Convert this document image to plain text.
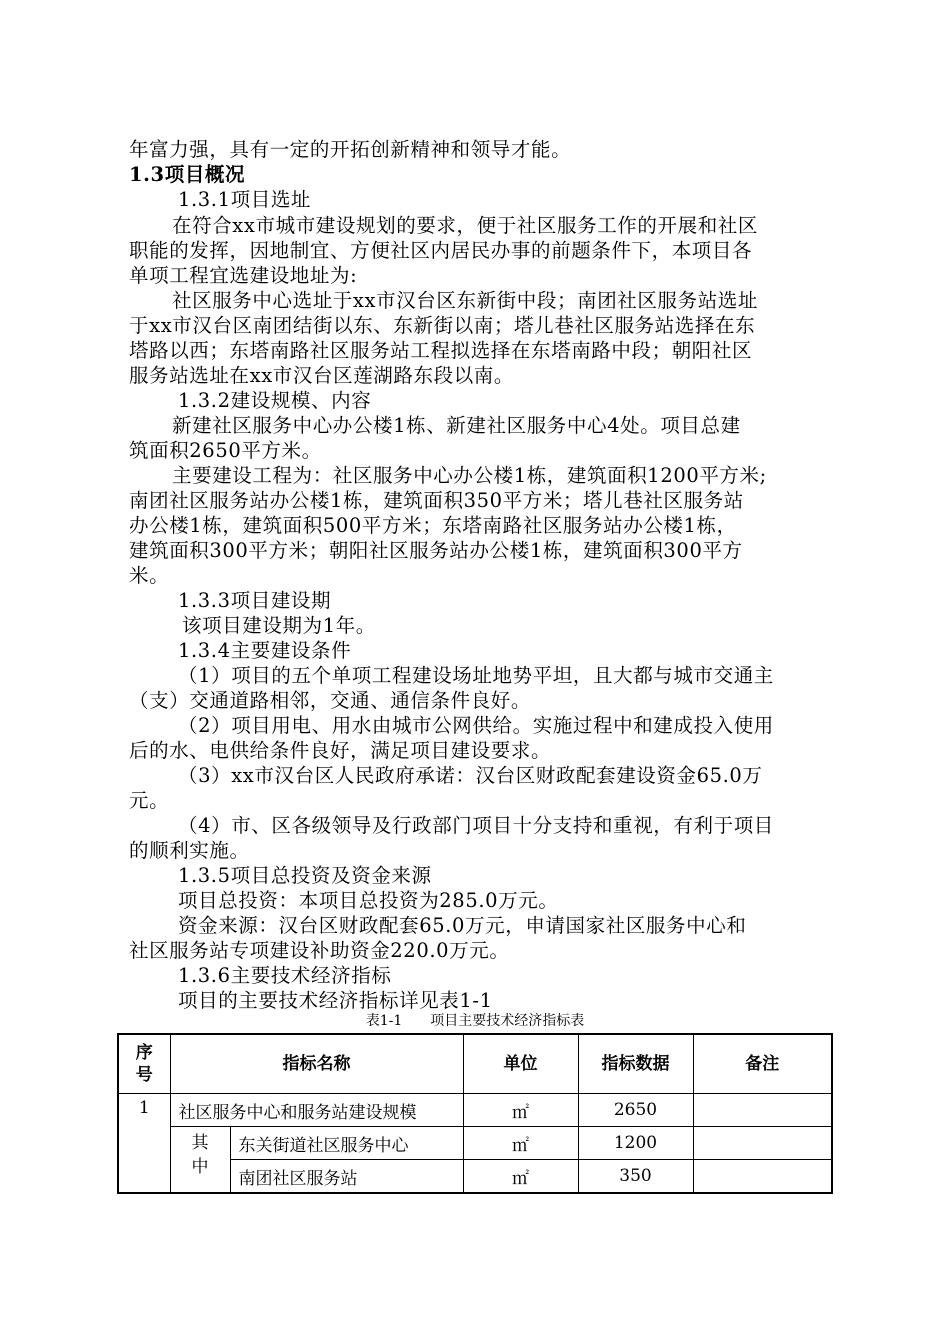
年富力强，具有一定的开拓创新精神和领导才能。
1.3项目概况
1.3.1项目选址
在符合xx市城市建设规划的要求，便于社区服务工作的开展和社区
职能的发挥，因地制宜、方便社区内居民办事的前题条件下，本项目各
单项工程宜选建设地址为:
社区服务中心选址于xx市汉台区东新街中段；南团社区服务站选址
于xx市汉台区南团结街以东、东新街以南；塔儿巷社区服务站选择在东
塔路以西；东塔南路社区服务站工程拟选择在东塔南路中段；朝阳社区
服务站选址在xx市汉台区莲湖路东段以南。
1.3.2建设规模、内容
新建社区服务中心办公楼1栋、新建社区服务中心4处。项目总建
筑面积2650平方米。
主要建设工程为：社区服务中心办公楼1栋，建筑面积1200平方米;
南团社区服务站办公楼1栋，建筑面积350平方米；塔儿巷社区服务站
办公楼1栋，建筑面积500平方米；东塔南路社区服务站办公楼1栋，
建筑面积300平方米；朝阳社区服务站办公楼1栋，建筑面积300平方
米。
1.3.3项目建设期
该项目建设期为1年。
1.3.4主要建设条件
（1）项目的五个单项工程建设场址地势平坦，且大都与城市交通主
（支）交通道路相邻，交通、通信条件良好。
（2）项目用电、用水由城市公网供给。实施过程中和建成投入使用
后的水、电供给条件良好，满足项目建设要求。
（3）xx市汉台区人民政府承诺：汉台区财政配套建设资金65.0万
元。
（4）市、区各级领导及行政部门项目十分支持和重视，有利于项目
的顺利实施。
1.3.5项目总投资及资金来源
项目总投资：本项目总投资为285.0万元。
资金来源：汉台区财政配套65.0万元，申请国家社区服务中心和
社区服务站专项建设补助资金220.0万元。
1.3.6主要技术经济指标
项目的主要技术经济指标详见表1-1
表1-1 项目主要技术经济指标表
序号	指标名称		单位	指标数据	备注
1	社区服务中心和服务站建设规模		㎡	2650	
	其中	东关街道社区服务中心	㎡	1200	
		南团社区服务站	㎡	350	
